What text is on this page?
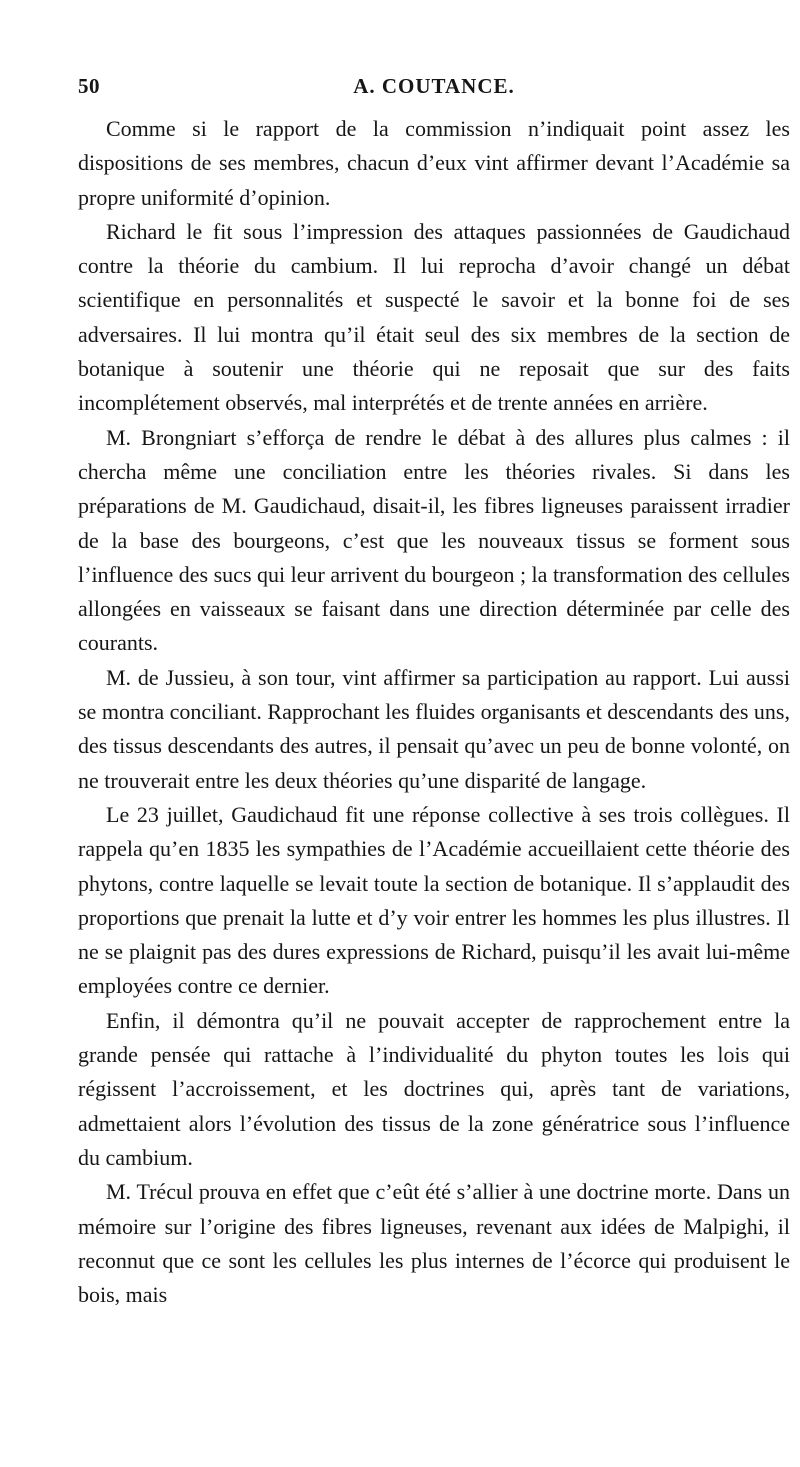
50	A. COUTANCE.

Comme si le rapport de la commission n’indiquait point assez les dispositions de ses membres, chacun d’eux vint affirmer devant l’Académie sa propre uniformité d’opinion.

Richard le fit sous l’impression des attaques passionnées de Gaudichaud contre la théorie du cambium. Il lui reprocha d’avoir changé un débat scientifique en personnalités et suspecté le savoir et la bonne foi de ses adversaires. Il lui montra qu’il était seul des six membres de la section de botanique à soutenir une théorie qui ne reposait que sur des faits incomplétement observés, mal interprétés et de trente années en arrière.

M. Brongniart s’efforça de rendre le débat à des allures plus calmes : il chercha même une conciliation entre les théories rivales. Si dans les préparations de M. Gaudichaud, disait-il, les fibres ligneuses paraissent irradier de la base des bourgeons, c’est que les nouveaux tissus se forment sous l’influence des sucs qui leur arrivent du bourgeon ; la transformation des cellules allongées en vaisseaux se faisant dans une direction déterminée par celle des courants.

M. de Jussieu, à son tour, vint affirmer sa participation au rapport. Lui aussi se montra conciliant. Rapprochant les fluides organisants et descendants des uns, des tissus descendants des autres, il pensait qu’avec un peu de bonne volonté, on ne trouverait entre les deux théories qu’une disparité de langage.

Le 23 juillet, Gaudichaud fit une réponse collective à ses trois collègues. Il rappela qu’en 1835 les sympathies de l’Académie accueillaient cette théorie des phytons, contre laquelle se levait toute la section de botanique. Il s’applaudit des proportions que prenait la lutte et d’y voir entrer les hommes les plus illustres. Il ne se plaignit pas des dures expressions de Richard, puisqu’il les avait lui-même employées contre ce dernier.

Enfin, il démontra qu’il ne pouvait accepter de rapprochement entre la grande pensée qui rattache à l’individualité du phyton toutes les lois qui régissent l’accroissement, et les doctrines qui, après tant de variations, admettaient alors l’évolution des tissus de la zone génératrice sous l’influence du cambium.

M. Trécul prouva en effet que c’eût été s’allier à une doctrine morte. Dans un mémoire sur l’origine des fibres ligneuses, revenant aux idées de Malpighi, il reconnut que ce sont les cellules les plus internes de l’écorce qui produisent le bois, mais
